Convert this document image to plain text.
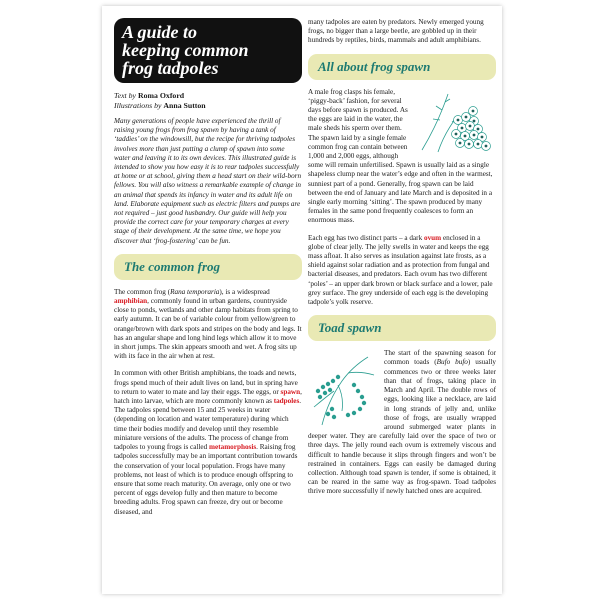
A guide to
keeping common
frog tadpoles

Text by Roma Oxford

Illustrations by Anna Sutton

Many generations of people have experienced the thrill of raising young frogs from frog spawn by having a tank of ‘taddies’ on the windowsill, but the recipe for thriving tadpoles involves more than just putting a clump of spawn into some water and leaving it to its own devices. This illustrated guide is intended to show you how easy it is to rear tadpoles successfully at home or at school, giving them a head start on their wild-born fellows. You will also witness a remarkable example of change in an animal that spends its infancy in water and its adult life on land. Elaborate equipment such as electric filters and pumps are not required – just good husbandry. Our guide will help you provide the correct care for your temporary charges at every stage of their development. At the same time, we hope you discover that ‘frog-fostering’ can be fun.

The common frog

The common frog (Rana temporaria), is a widespread amphibian, commonly found in urban gardens, countryside close to ponds, wetlands and other damp habitats from spring to early autumn. It can be of variable colour from yellow/green to orange/brown with dark spots and stripes on the body and legs. It has an angular shape and long hind legs which allow it to move in short jumps. The skin appears smooth and wet. A frog sits up with its face in the air when at rest.

In common with other British amphibians, the toads and newts, frogs spend much of their adult lives on land, but in spring have to return to water to mate and lay their eggs. The eggs, or spawn, hatch into larvae, which are more commonly known as tadpoles. The tadpoles spend between 15 and 25 weeks in water (depending on location and water temperature) during which time their bodies modify and develop until they resemble miniature versions of the adults. The process of change from tadpoles to young frogs is called metamorphosis. Raising frog tadpoles successfully may be an important contribution towards the conservation of your local population. Frogs have many problems, not least of which is to produce enough offspring to ensure that some reach maturity. On average, only one or two percent of eggs develop fully and then mature to become breeding adults. Frog spawn can freeze, dry out or become diseased, and

many tadpoles are eaten by predators. Newly emerged young frogs, no bigger than a large beetle, are gobbled up in their hundreds by reptiles, birds, mammals and adult amphibians.

All about frog spawn

A male frog clasps his female, ‘piggy-back’ fashion, for several days before spawn is produced. As the eggs are laid in the water, the male sheds his sperm over them. The spawn laid by a single female common frog can contain between 1,000 and 2,000 eggs, although some will remain unfertilised. Spawn is usually laid as a single shapeless clump near the water’s edge and often in the warmest, sunniest part of a pond. Generally, frog spawn can be laid between the end of January and late March and is deposited in a single early morning ‘sitting’. The spawn produced by many females in the same pond frequently coalesces to form an enormous mass.

Each egg has two distinct parts – a dark ovum enclosed in a globe of clear jelly. The jelly swells in water and keeps the egg mass afloat. It also serves as insulation against late frosts, as a shield against solar radiation and as protection from fungal and bacterial diseases, and predators. Each ovum has two different ‘poles’ – an upper dark brown or black surface and a lower, pale grey surface. The grey underside of each egg is the developing tadpole’s yolk reserve.

Toad spawn

The start of the spawning season for common toads (Bufo bufo) usually commences two or three weeks later than that of frogs, taking place in March and April. The double rows of eggs, looking like a necklace, are laid in long strands of jelly and, unlike those of frogs, are usually wrapped around submerged water plants in deeper water. They are carefully laid over the space of two or three days. The jelly round each ovum is extremely viscous and difficult to handle because it slips through fingers and won’t be restrained in containers. Eggs can easily be damaged during collection. Although toad spawn is tender, if some is obtained, it can be reared in the same way as frog-spawn. Toad tadpoles thrive more successfully if newly hatched ones are acquired.
